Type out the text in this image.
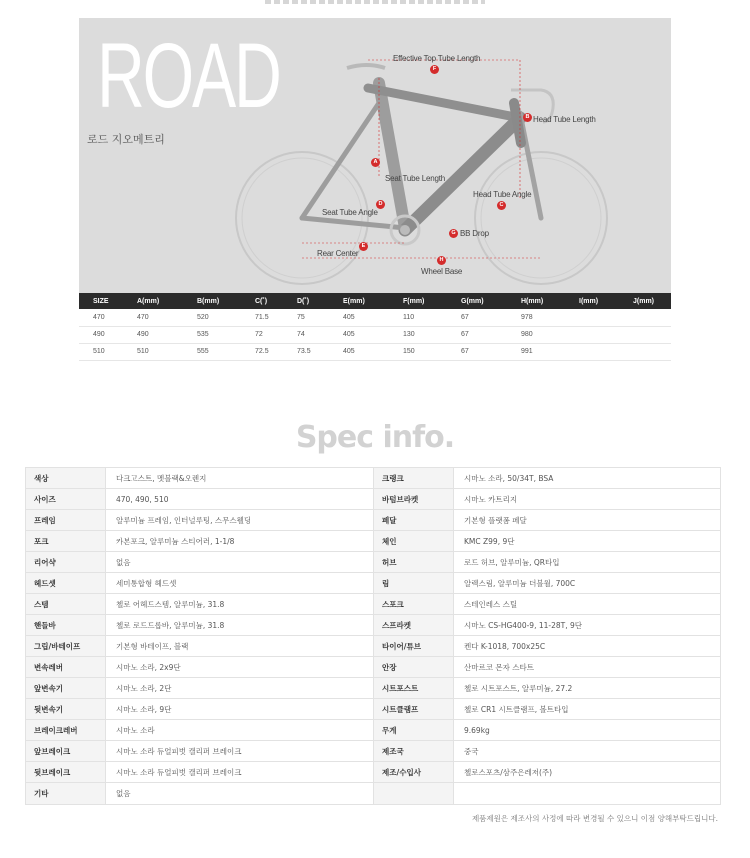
ROAD
로드 지오메트리
Effective Top Tube Length
Head Tube Length
Seat Tube Length
Head Tube Angle
Seat Tube Angle
BB Drop
Rear Center
Wheel Base
F
B
A
D	C
G
E
H
SIZE	A(mm)	B(mm)	C(˚)	D(˚)	E(mm)	F(mm)	G(mm)	H(mm)	I(mm)	J(mm)
470	470	520	71.5	75	405	110	67	978		
490	490	535	72	74	405	130	67	980		
510	510	555	72.5	73.5	405	150	67	991		
Spec info.
색상	다크고스트, 멧블랙&오렌지	크랭크	시마노 소라, 50/34T, BSA
사이즈	470, 490, 510	바텀브라켓	시마노 카트리지
프레임	알루미늄 프레임, 인터널루팅, 스무스웰딩	페달	기본형 플랫폼 페달
포크	카본포크, 알루미늄 스티어러, 1-1/8	체인	KMC Z99, 9단
리어샥	없음	허브	로드 허브, 알루미늄, QR타입
헤드셋	세미통합형 헤드셋	림	알렉스림, 알루미늄 더블월, 700C
스템	첼로 어헤드스템, 알루미늄, 31.8	스포크	스테인레스 스틸
핸들바	첼로 로드드롭바, 알루미늄, 31.8	스프라켓	시마노 CS-HG400-9, 11-28T, 9단
그립/바테이프	기본형 바테이프, 블랙	타이어/튜브	켄다 K-1018, 700x25C
변속레버	시마노 소라, 2x9단	안장	산마르코 몬자 스타트
앞변속기	시마노 소라, 2단	시트포스트	첼로 시트포스트, 알루미늄, 27.2
뒷변속기	시마노 소라, 9단	시트클램프	첼로 CR1 시트클램프, 볼트타입
브레이크레버	시마노 소라	무게	9.69kg
앞브레이크	시마노 소라 듀얼피벗 캘리퍼 브레이크	제조국	중국
뒷브레이크	시마노 소라 듀얼피벗 캘리퍼 브레이크	제조/수입사	첼로스포츠/삼주은레저(주)
기타	없음		
제품제원은 제조사의 사정에 따라 변경될 수 있으니 이점 양해부탁드립니다.
